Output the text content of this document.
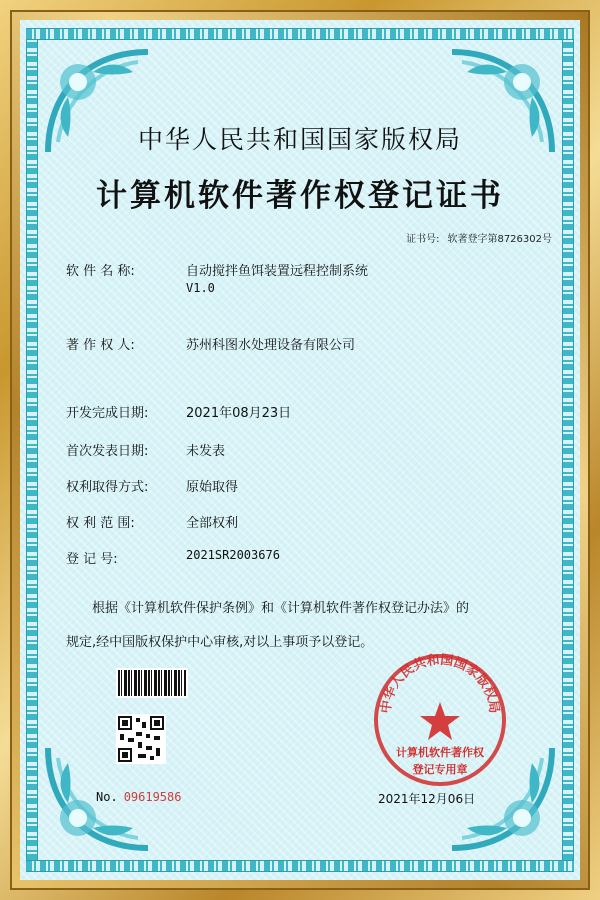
中华人民共和国国家版权局
计算机软件著作权登记证书
证书号: 软著登字第8726302号
软 件 名 称:	自动搅拌鱼饵装置远程控制系统
V1.0
著 作 权 人:	苏州科图水处理设备有限公司
开发完成日期:	2021年08月23日
首次发表日期:	未发表
权利取得方式:	原始取得
权 利 范 围:	全部权利
登 记 号:	2021SR2003676
根据《计算机软件保护条例》和《计算机软件著作权登记办法》的
规定,经中国版权保护中心审核,对以上事项予以登记。
No. 09619586
中华人民共和国国家版权局
计算机软件著作权
登记专用章
2021年12月06日
